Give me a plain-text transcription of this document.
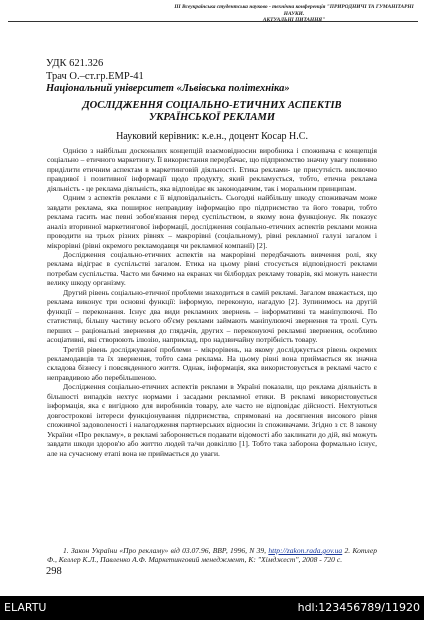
III Всеукраїнська студентська науково - технічна конференція "ПРИРОДНИЧІ ТА ГУМАНІТАРНІ НАУКИ.
АКТУАЛЬНІ ПИТАННЯ"
УДК 621.326
Трач О.–ст.гр.ЕМР-41
Національний університет «Львівська політехніка»
ДОСЛІДЖЕННЯ СОЦІАЛЬНО-ЕТИЧНИХ АСПЕКТІВ
УКРАЇНСЬКОЇ РЕКЛАМИ
Науковий керівник: к.е.н., доцент Косар Н.С.

Однією з найбільш досконалих концепцій взаємовідносин виробника і споживача є концепція соціально – етичного маркетингу. Її використання передбачає, що підприємство значну увагу повинно приділити етичним аспектам в маркетинговій діяльності. Етика реклами- це присутність виключно правдивої і позитивної інформації щодо продукту, який рекламується, тобто, етична реклама діяльність - це реклама діяльність, яка відповідає як законодавчим, так і моральним принципам.

Одним з аспектів реклами є її відповідальність. Сьогодні найбільшу шкоду споживачам може завдати реклама, яка поширює неправдиву інформацію про підприємство та його товари, тобто реклама гасить має певні зобов'язання перед суспільством, в якому вона функціонує. Як показує аналіз вторинної маркетингової інформації, дослідження соціально-етичних аспектів реклами можна проводити на трьох різних рівнях – макрорівні (соціальному), рівні рекламної галузі загалом і мікрорівні (рівні окремого рекламодавця чи рекламної компанії) [2].

Дослідження соціально-етичних аспектів на макрорівні передбачають вивчення ролі, яку реклама відіграє в суспільстві загалом. Етика на цьому рівні стосується відповідності реклами потребам суспільства. Часто ми бачимо на екранах чи білбордах рекламу товарів, які можуть нанести велику шкоду організму.

Другий рівень соціально-етичної проблеми знаходиться в самій рекламі. Загалом вважається, що реклама виконує три основні функції: інформую, переконую, нагадую [2]. Зупинимось на другій функції – переконання. Існує два види рекламних звернень – інформативні та маніпулюючі. По статистиці, більшу частину всього об'єму реклами займають маніпулюючі звернення та тролі. Суть перших – раціональні звернення до глядачів, других – переконуючі рекламні звернення, особливо асоціативні, які створюють ілюзію, наприклад, про надзвичайну потрібність товару.

Третій рівень досліджуваної проблеми – мікрорівень, на якому досліджується рівень окремих рекламодавців та їх звернення, тобто сама реклама. На цьому рівні вона приймається як значна складова бізнесу і повсякденного життя. Однак, інформація, яка використовується в рекламі часто є неправдивою або перебільшеною.

Дослідження соціально-етичних аспектів реклами в Україні показали, що реклама діяльність в більшості випадків нехтує нормами і засадами рекламної етики. В рекламі використовується інформація, яка є вигідною для виробників товару, але часто не відповідає дійсності. Нехтуються довгостроковi інтереси функціонування підприємства, спрямовані на досягнення високого рівня споживчої задоволеності і налагодження партнерських відносин із споживачами. Згідно з ст. 8 закону України «Про рекламу», в рекламі забороняється подавати відомості або закликати до дій, які можуть завдати шкоди здоров'ю або життю людей та/чи довкіллю [1]. Тобто така заборона формально існує, але на сучасному етапі вона не приймається до уваги.

1. Закон України «Про рекламу» від 03.07.96, ВВР, 1996, N 39, http://zakon.rada.gov.ua 2. Котлер Ф., Келлер К.Л., Павленко А.Ф. Маркетинговий менеджмент, К: "Хімджест", 2008 - 720 с.

298
ELARTU	hdl:123456789/11920
